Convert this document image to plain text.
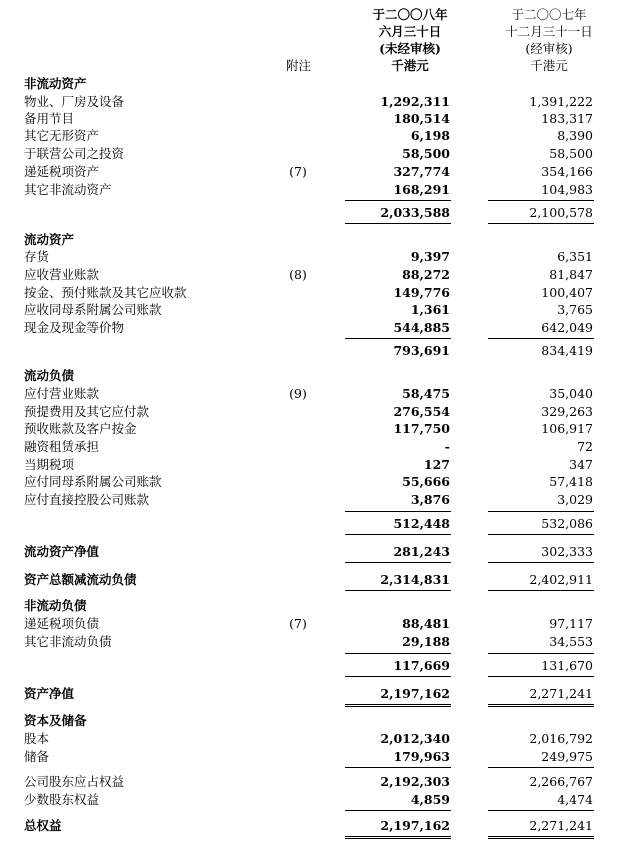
于二〇〇八年
六月三十日
(未经审核)
千港元
于二〇〇七年
十二月三十一日
(经审核)
千港元
附注
非流动资产
物业、厂房及设备	1,292,311	1,391,222
备用节目	180,514	183,317
其它无形资产	6,198	8,390
于联营公司之投资	58,500	58,500
递延税项资产	(7)	327,774	354,166
其它非流动资产	168,291	104,983
2,033,588	2,100,578
流动资产
存货	9,397	6,351
应收营业账款	(8)	88,272	81,847
按金、预付账款及其它应收款	149,776	100,407
应收同母系附属公司账款	1,361	3,765
现金及现金等价物	544,885	642,049
793,691	834,419
流动负债
应付营业账款	(9)	58,475	35,040
预提费用及其它应付款	276,554	329,263
预收账款及客户按金	117,750	106,917
融资租赁承担	-	72
当期税项	127	347
应付同母系附属公司账款	55,666	57,418
应付直接控股公司账款	3,876	3,029
512,448	532,086
流动资产净值	281,243	302,333
资产总额减流动负债	2,314,831	2,402,911
非流动负债
递延税项负债	(7)	88,481	97,117
其它非流动负债	29,188	34,553
117,669	131,670
资产净值	2,197,162	2,271,241
资本及储备
股本	2,012,340	2,016,792
储备	179,963	249,975
公司股东应占权益	2,192,303	2,266,767
少数股东权益	4,859	4,474
总权益	2,197,162	2,271,241
